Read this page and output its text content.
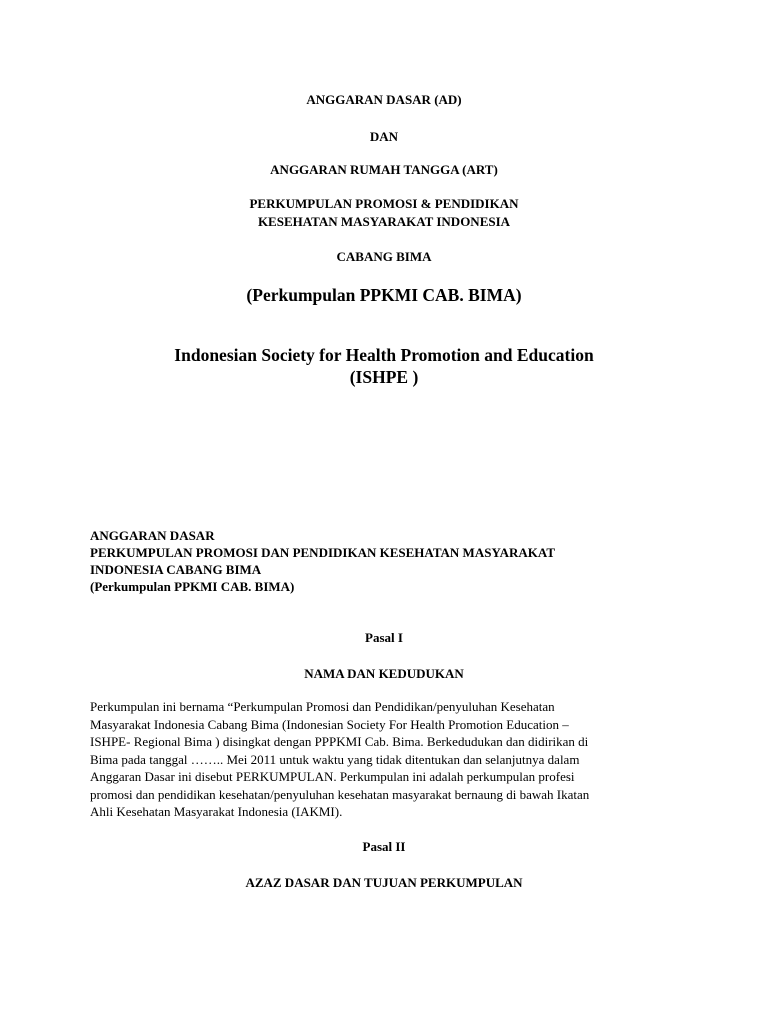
ANGGARAN DASAR (AD)
DAN
ANGGARAN RUMAH TANGGA (ART)
PERKUMPULAN PROMOSI & PENDIDIKAN
KESEHATAN MASYARAKAT INDONESIA
CABANG BIMA
(Perkumpulan PPKMI CAB. BIMA)
Indonesian Society for Health Promotion and Education
(ISHPE )
ANGGARAN DASAR
PERKUMPULAN PROMOSI DAN PENDIDIKAN KESEHATAN MASYARAKAT
INDONESIA CABANG BIMA
(Perkumpulan PPKMI CAB. BIMA)
Pasal I
NAMA DAN KEDUDUKAN
Perkumpulan ini bernama “Perkumpulan Promosi dan Pendidikan/penyuluhan Kesehatan
Masyarakat Indonesia Cabang Bima (Indonesian Society For Health Promotion Education –
ISHPE- Regional Bima ) disingkat dengan PPPKMI Cab. Bima. Berkedudukan dan didirikan di
Bima pada tanggal …….. Mei 2011 untuk waktu yang tidak ditentukan dan selanjutnya dalam
Anggaran Dasar ini disebut PERKUMPULAN. Perkumpulan ini adalah perkumpulan profesi
promosi dan pendidikan kesehatan/penyuluhan kesehatan masyarakat bernaung di bawah Ikatan
Ahli Kesehatan Masyarakat Indonesia (IAKMI).
Pasal II
AZAZ DASAR DAN TUJUAN PERKUMPULAN
